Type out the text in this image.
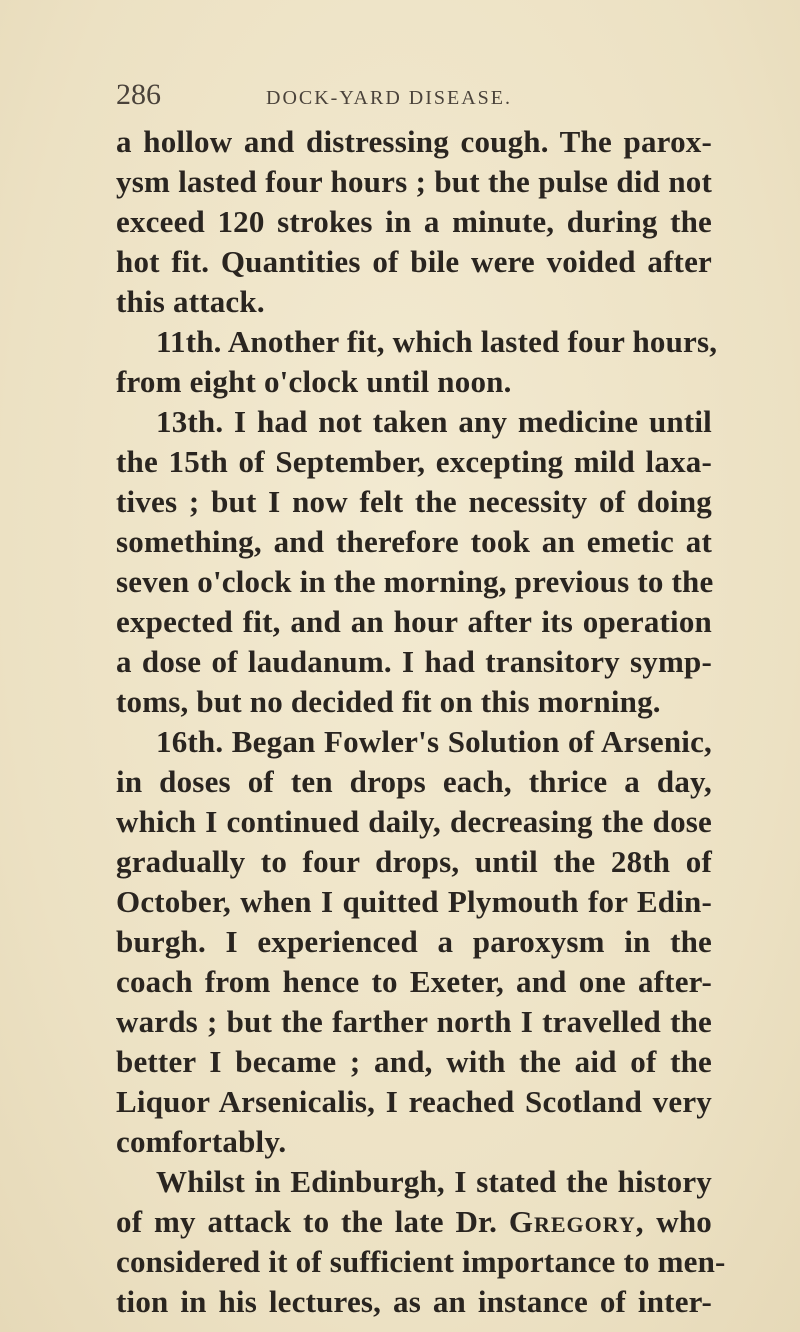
286	DOCK-YARD DISEASE.
a hollow and distressing cough. The parox-
ysm lasted four hours ; but the pulse did not
exceed 120 strokes in a minute, during the
hot fit. Quantities of bile were voided after
this attack.
11th. Another fit, which lasted four hours,
from eight o'clock until noon.
13th. I had not taken any medicine until
the 15th of September, excepting mild laxa-
tives ; but I now felt the necessity of doing
something, and therefore took an emetic at
seven o'clock in the morning, previous to the
expected fit, and an hour after its operation
a dose of laudanum. I had transitory symp-
toms, but no decided fit on this morning.
16th. Began Fowler's Solution of Arsenic,
in doses of ten drops each, thrice a day,
which I continued daily, decreasing the dose
gradually to four drops, until the 28th of
October, when I quitted Plymouth for Edin-
burgh. I experienced a paroxysm in the
coach from hence to Exeter, and one after-
wards ; but the farther north I travelled the
better I became ; and, with the aid of the
Liquor Arsenicalis, I reached Scotland very
comfortably.
Whilst in Edinburgh, I stated the history
of my attack to the late Dr. Gregory, who
considered it of sufficient importance to men-
tion in his lectures, as an instance of inter-
